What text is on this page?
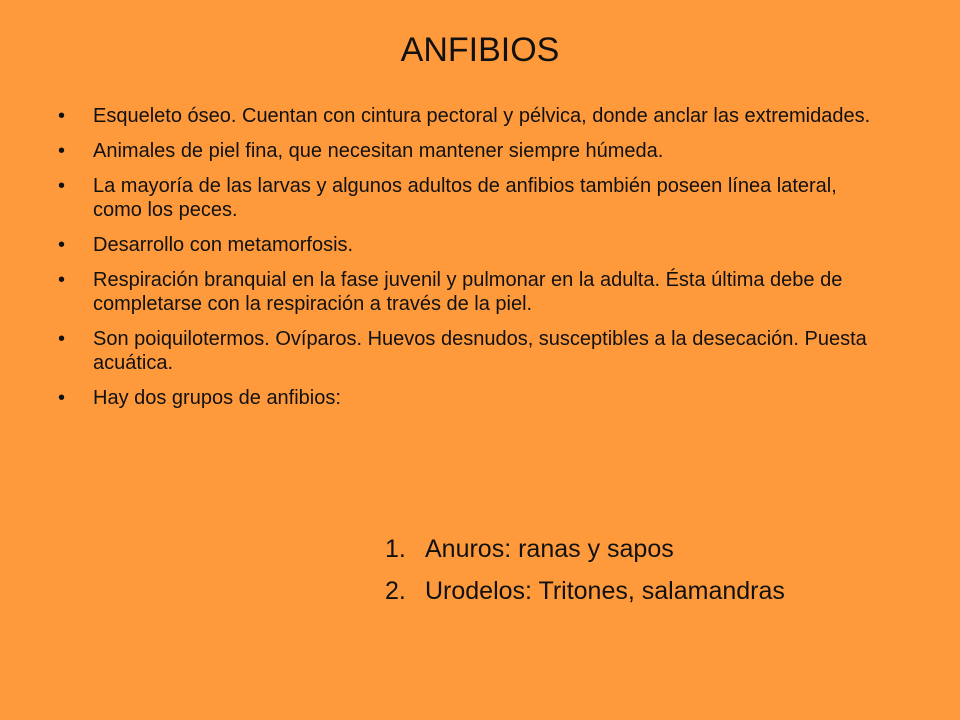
ANFIBIOS
• Esqueleto óseo. Cuentan con cintura pectoral y pélvica, donde anclar las extremidades.
• Animales de piel fina, que necesitan mantener siempre húmeda.
• La mayoría de las larvas y algunos adultos de anfibios también poseen línea lateral, como los peces.
• Desarrollo con metamorfosis.
• Respiración branquial en la fase juvenil y pulmonar en la adulta. Ésta última debe de completarse con la respiración a través de la piel.
• Son poiquilotermos. Ovíparos. Huevos desnudos, susceptibles a la desecación. Puesta acuática.
• Hay dos grupos de anfibios:
1. Anuros: ranas y sapos
2. Urodelos: Tritones, salamandras
